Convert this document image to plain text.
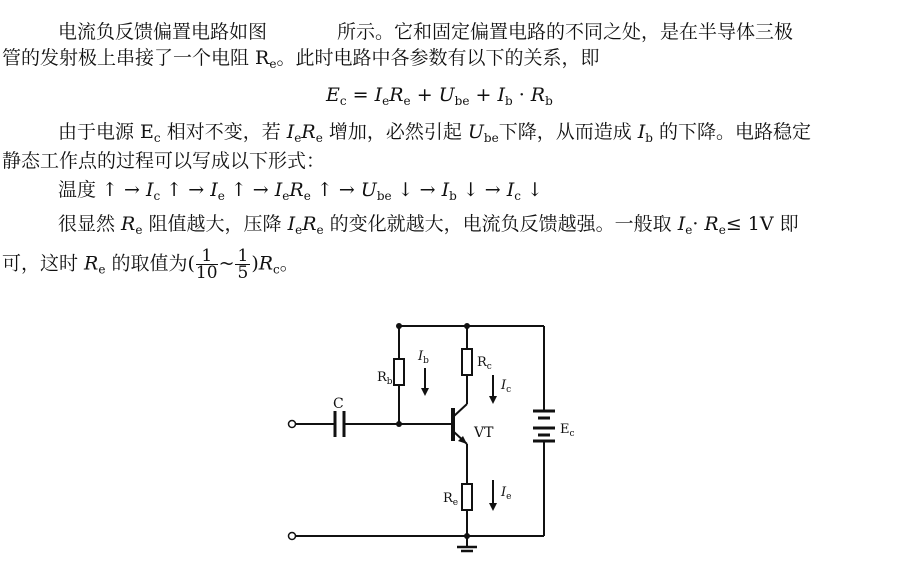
电流负反馈偏置电路如图	所示。它和固定偏置电路的不同之处，是在半导体三极
管的发射极上串接了一个电阻 $R_e$。此时电路中各参数有以下的关系，即
$E_c = I_eR_e + U_{be} + I_b \cdot R_b$
由于电源 $E_c$ 相对不变，若 $I_eR_e$ 增加，必然引起 $U_{be}$下降，从而造成 $I_b$ 的下降。电路稳定
静态工作点的过程可以写成以下形式：
温度 ↑ → $I_c$ ↑ → $I_e$ ↑ → $I_eR_e$ ↑ → $U_{be}$ ↓ → $I_b$ ↓ → $I_c$ ↓
很显然 $R_e$ 阻值越大，压降 $I_eR_e$ 的变化就越大，电流负反馈越强。一般取 $I_e\cdot R_e\le 1V$ 即
可，这时 $R_e$ 的取值为( $\frac{1}{10}$ ~ $\frac{1}{5} )R_c$。
C
$R_b$
$I_b$	$R_c$
$I_c$
VT	$E_c$
$R_e$
$I_e$
